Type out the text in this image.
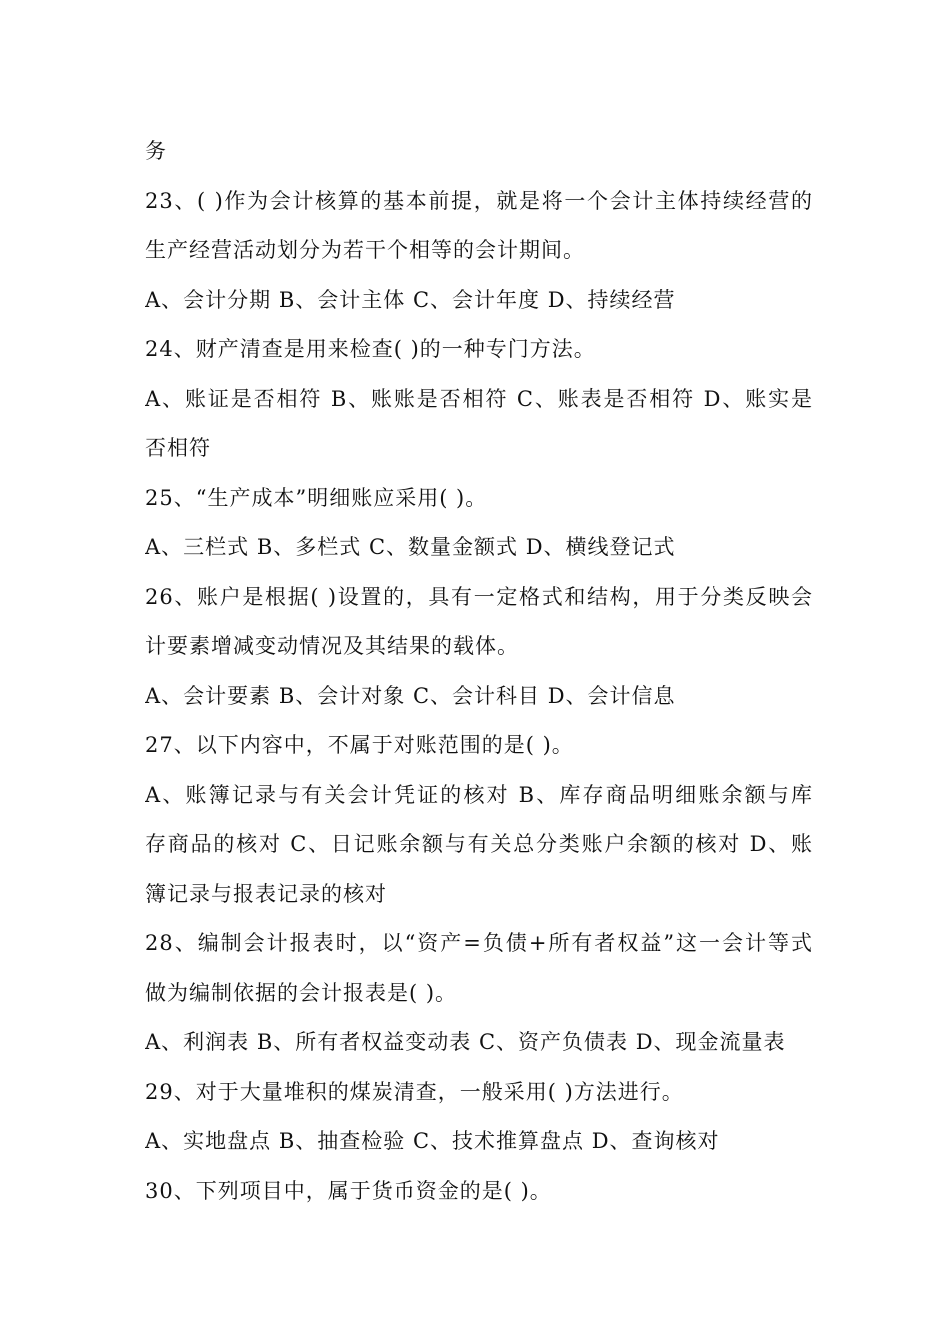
务
23、( )作为会计核算的基本前提，就是将一个会计主体持续经营的
生产经营活动划分为若干个相等的会计期间。
A、会计分期 B、会计主体 C、会计年度 D、持续经营
24、财产清查是用来检查( )的一种专门方法。
A、账证是否相符 B、账账是否相符 C、账表是否相符 D、账实是
否相符
25、“生产成本”明细账应采用( )。
A、三栏式 B、多栏式 C、数量金额式 D、横线登记式
26、账户是根据( )设置的，具有一定格式和结构，用于分类反映会
计要素增减变动情况及其结果的载体。
A、会计要素 B、会计对象 C、会计科目 D、会计信息
27、以下内容中，不属于对账范围的是( )。
A、账簿记录与有关会计凭证的核对 B、库存商品明细账余额与库
存商品的核对 C、日记账余额与有关总分类账户余额的核对 D、账
簿记录与报表记录的核对
28、编制会计报表时，以“资产=负债+所有者权益”这一会计等式
做为编制依据的会计报表是( )。
A、利润表 B、所有者权益变动表 C、资产负债表 D、现金流量表
29、对于大量堆积的煤炭清查，一般采用( )方法进行。
A、实地盘点 B、抽查检验 C、技术推算盘点 D、查询核对
30、下列项目中，属于货币资金的是( )。
